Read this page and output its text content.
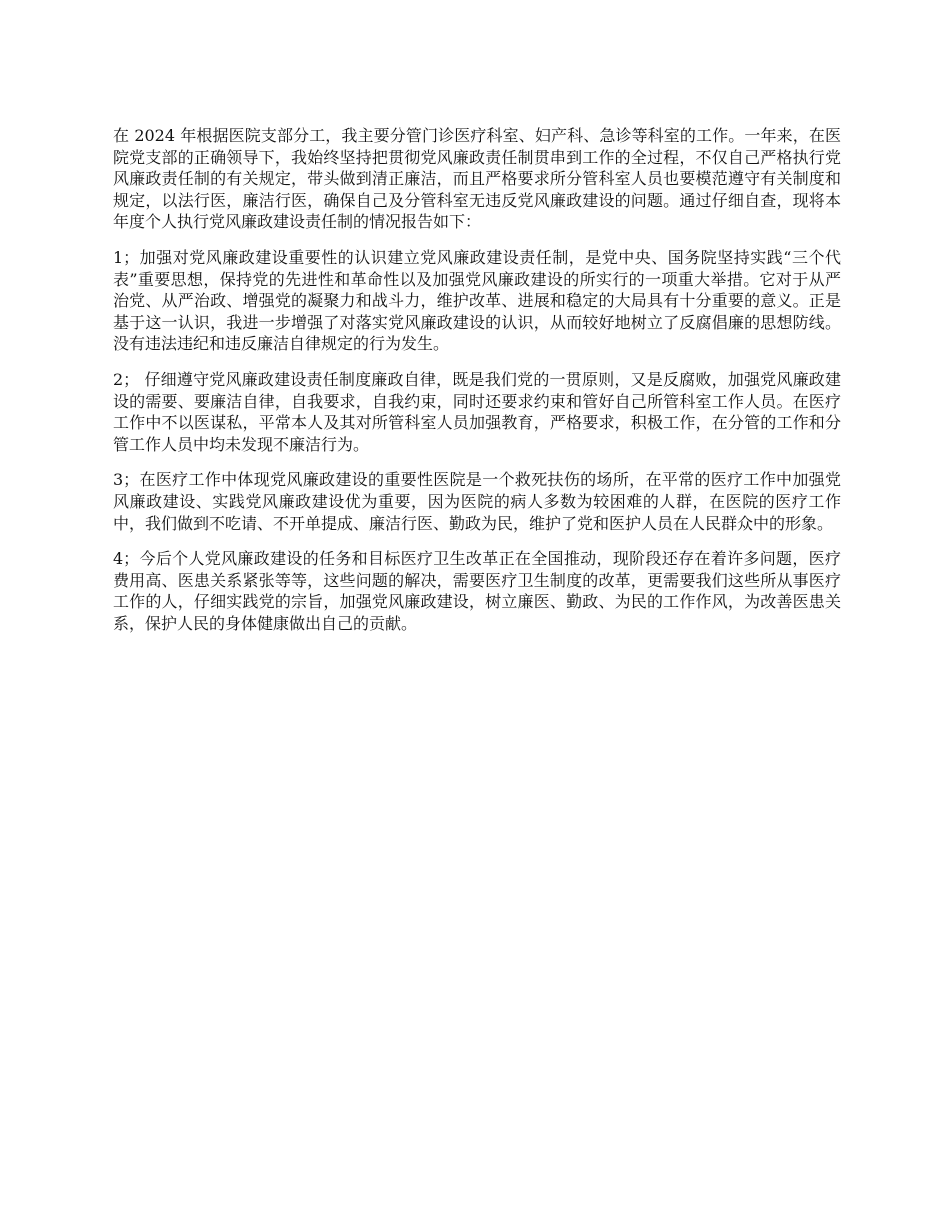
在 2024 年根据医院支部分工，我主要分管门诊医疗科室、妇产科、急诊等科室的工作。一年来，在医院党支部的正确领导下，我始终坚持把贯彻党风廉政责任制贯串到工作的全过程，不仅自己严格执行党风廉政责任制的有关规定，带头做到清正廉洁，而且严格要求所分管科室人员也要模范遵守有关制度和规定，以法行医，廉洁行医，确保自己及分管科室无违反党风廉政建设的问题。通过仔细自查，现将本年度个人执行党风廉政建设责任制的情况报告如下：

1；加强对党风廉政建设重要性的认识建立党风廉政建设责任制，是党中央、国务院坚持实践“三个代表”重要思想，保持党的先进性和革命性以及加强党风廉政建设的所实行的一项重大举措。它对于从严治党、从严治政、增强党的凝聚力和战斗力，维护改革、进展和稳定的大局具有十分重要的意义。正是基于这一认识，我进一步增强了对落实党风廉政建设的认识，从而较好地树立了反腐倡廉的思想防线。没有违法违纪和违反廉洁自律规定的行为发生。

2； 仔细遵守党风廉政建设责任制度廉政自律，既是我们党的一贯原则，又是反腐败，加强党风廉政建设的需要、要廉洁自律，自我要求，自我约束，同时还要求约束和管好自己所管科室工作人员。在医疗工作中不以医谋私，平常本人及其对所管科室人员加强教育，严格要求，积极工作，在分管的工作和分管工作人员中均未发现不廉洁行为。

3；在医疗工作中体现党风廉政建设的重要性医院是一个救死扶伤的场所，在平常的医疗工作中加强党风廉政建设、实践党风廉政建设优为重要，因为医院的病人多数为较困难的人群，在医院的医疗工作中，我们做到不吃请、不开单提成、廉洁行医、勤政为民，维护了党和医护人员在人民群众中的形象。

4；今后个人党风廉政建设的任务和目标医疗卫生改革正在全国推动，现阶段还存在着许多问题，医疗费用高、医患关系紧张等等，这些问题的解决，需要医疗卫生制度的改革，更需要我们这些所从事医疗工作的人，仔细实践党的宗旨，加强党风廉政建设，树立廉医、勤政、为民的工作作风，为改善医患关系，保护人民的身体健康做出自己的贡献。
